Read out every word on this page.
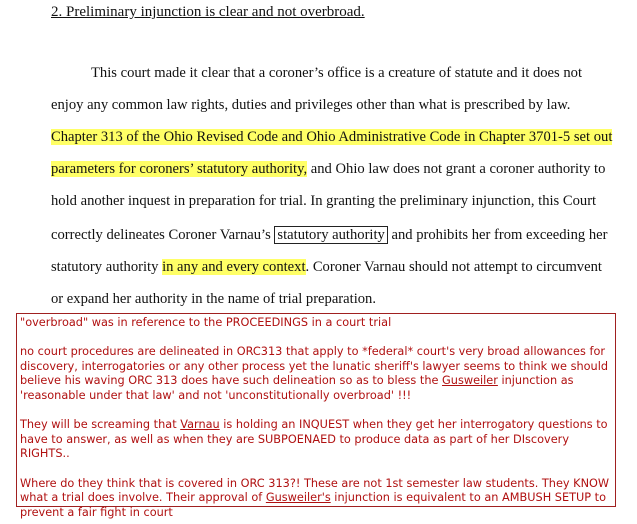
2. Preliminary injunction is clear and not overbroad.
This court made it clear that a coroner’s office is a creature of statute and it does not
enjoy any common law rights, duties and privileges other than what is prescribed by law.
Chapter 313 of the Ohio Revised Code and Ohio Administrative Code in Chapter 3701-5 set out
parameters for coroners’ statutory authority, and Ohio law does not grant a coroner authority to
hold another inquest in preparation for trial. In granting the preliminary injunction, this Court
correctly delineates Coroner Varnau’s statutory authority and prohibits her from exceeding her
statutory authority in any and every context. Coroner Varnau should not attempt to circumvent
or expand her authority in the name of trial preparation.

"overbroad" was in reference to the PROCEEDINGS in a court trial

no court procedures are delineated in ORC313 that apply to *federal* court's very broad allowances for discovery, interrogatories or any other process yet the lunatic sheriff's lawyer seems to think we should believe his waving ORC 313 does have such delineation so as to bless the Gusweiler injunction as 'reasonable under that law' and not 'unconstitutionally overbroad' !!!

They will be screaming that Varnau is holding an INQUEST when they get her interrogatory questions to have to answer, as well as when they are SUBPOENAED to produce data as part of her DIscovery RIGHTS..

Where do they think that is covered in ORC 313?! These are not 1st semester law students. They KNOW what a trial does involve. Their approval of Gusweiler's injunction is equivalent to an AMBUSH SETUP to prevent a fair fight in court
